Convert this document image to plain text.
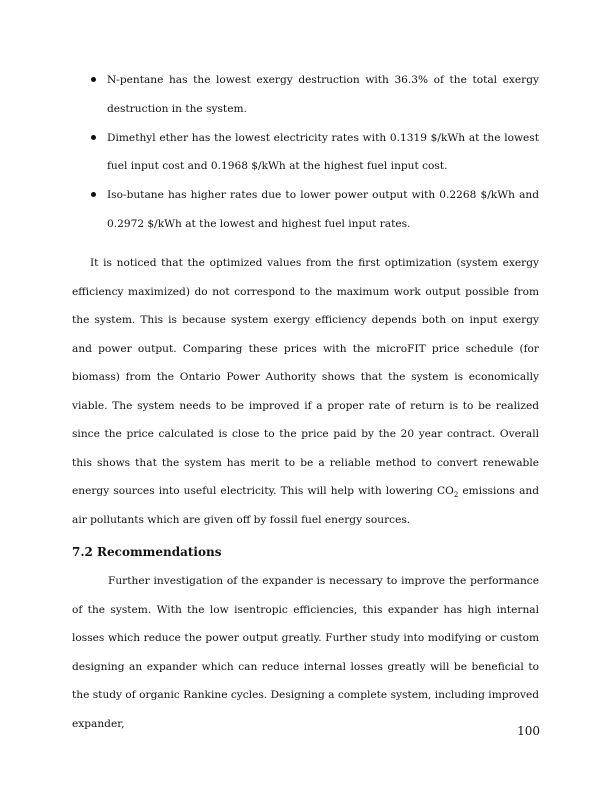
N-pentane has the lowest exergy destruction with 36.3% of the total exergy destruction in the system.
Dimethyl ether has the lowest electricity rates with 0.1319 $/kWh at the lowest fuel input cost and 0.1968 $/kWh at the highest fuel input cost.
Iso-butane has higher rates due to lower power output with 0.2268 $/kWh and 0.2972 $/kWh at the lowest and highest fuel input rates.

It is noticed that the optimized values from the first optimization (system exergy efficiency maximized) do not correspond to the maximum work output possible from the system. This is because system exergy efficiency depends both on input exergy and power output. Comparing these prices with the microFIT price schedule (for biomass) from the Ontario Power Authority shows that the system is economically viable. The system needs to be improved if a proper rate of return is to be realized since the price calculated is close to the price paid by the 20 year contract. Overall this shows that the system has merit to be a reliable method to convert renewable energy sources into useful electricity. This will help with lowering $CO_2$ emissions and air pollutants which are given off by fossil fuel energy sources.

7.2 Recommendations

Further investigation of the expander is necessary to improve the performance of the system. With the low isentropic efficiencies, this expander has high internal losses which reduce the power output greatly. Further study into modifying or custom designing an expander which can reduce internal losses greatly will be beneficial to the study of organic Rankine cycles. Designing a complete system, including improved expander,

100
